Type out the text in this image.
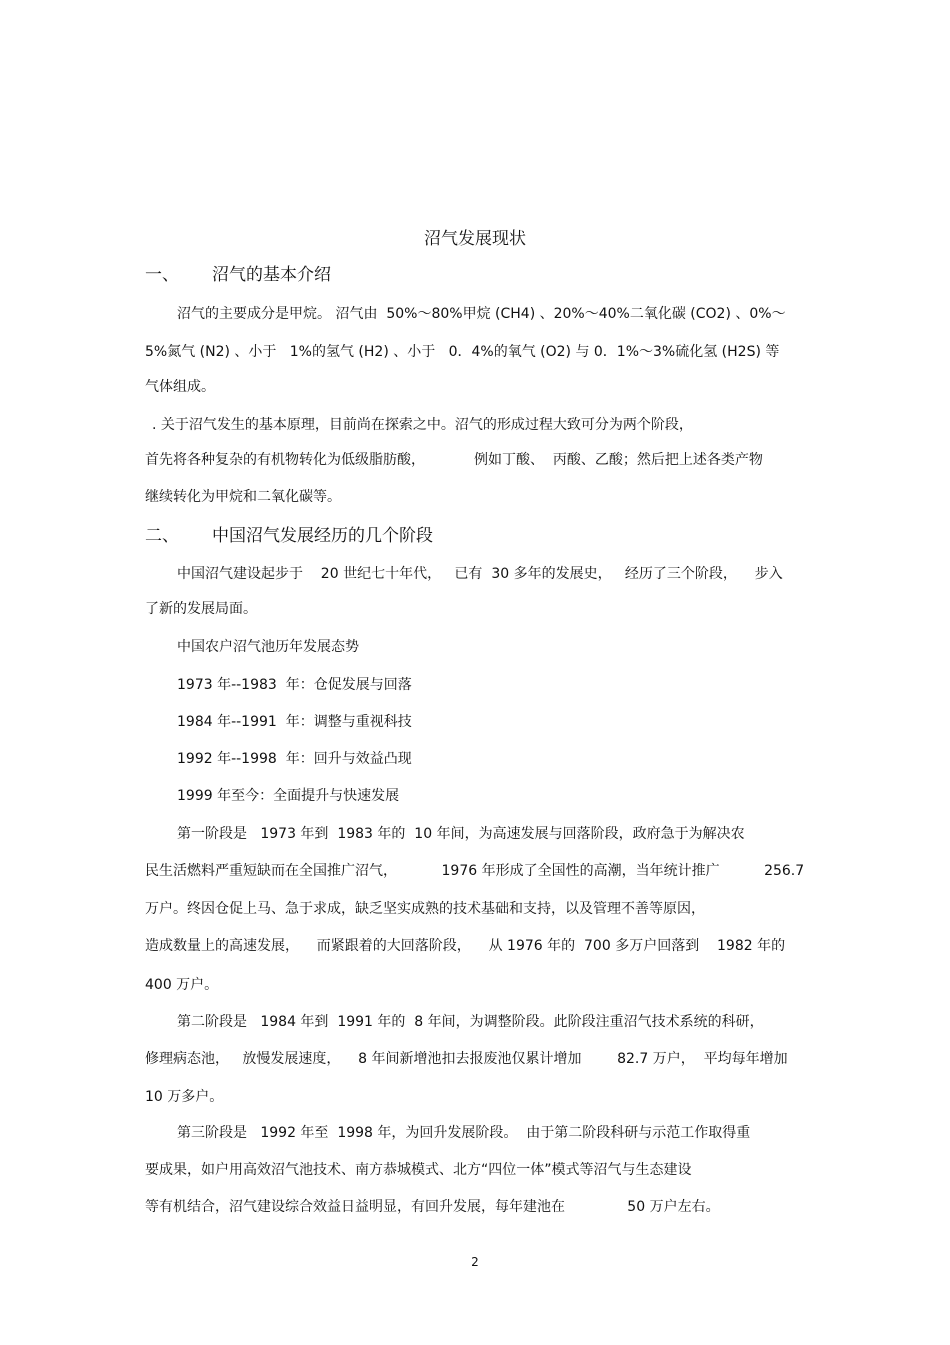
沼气发展现状
一、 沼气的基本介绍
沼气的主要成分是甲烷。 沼气由  50%～80%甲烷 (CH4) 、20%～40%二氧化碳 (CO2) 、0%～
5%氮气 (N2) 、小于   1%的氢气 (H2) 、小于   0．4%的氧气 (O2) 与 0．1%～3%硫化氢 (H2S) 等
气体组成。
. 关于沼气发生的基本原理，目前尚在探索之中。沼气的形成过程大致可分为两个阶段，
首先将各种复杂的有机物转化为低级脂肪酸，           例如丁酸、  丙酸、乙酸；然后把上述各类产物
继续转化为甲烷和二氧化碳等。
二、 中国沼气发展经历的几个阶段
中国沼气建设起步于    20 世纪七十年代，   已有  30 多年的发展史，   经历了三个阶段，    步入
了新的发展局面。
中国农户沼气池历年发展态势
1973 年--1983  年：仓促发展与回落
1984 年--1991  年：调整与重视科技
1992 年--1998  年：回升与效益凸现
1999 年至今：全面提升与快速发展
第一阶段是   1973 年到  1983 年的  10 年间，为高速发展与回落阶段，政府急于为解决农
民生活燃料严重短缺而在全国推广沼气，          1976 年形成了全国性的高潮，当年统计推广          256.7
万户。终因仓促上马、急于求成，缺乏坚实成熟的技术基础和支持，以及管理不善等原因，
造成数量上的高速发展，    而紧跟着的大回落阶段，    从 1976 年的  700 多万户回落到    1982 年的
400 万户。
第二阶段是   1984 年到  1991 年的  8 年间，为调整阶段。此阶段注重沼气技术系统的科研，
修理病态池，   放慢发展速度，    8 年间新增池扣去报废池仅累计增加        82.7 万户，  平均每年增加
10 万多户。
第三阶段是   1992 年至  1998 年，为回升发展阶段。  由于第二阶段科研与示范工作取得重
要成果，如户用高效沼气池技术、南方恭城模式、北方“四位一体”模式等沼气与生态建设
等有机结合，沼气建设综合效益日益明显，有回升发展，每年建池在              50 万户左右。
2
